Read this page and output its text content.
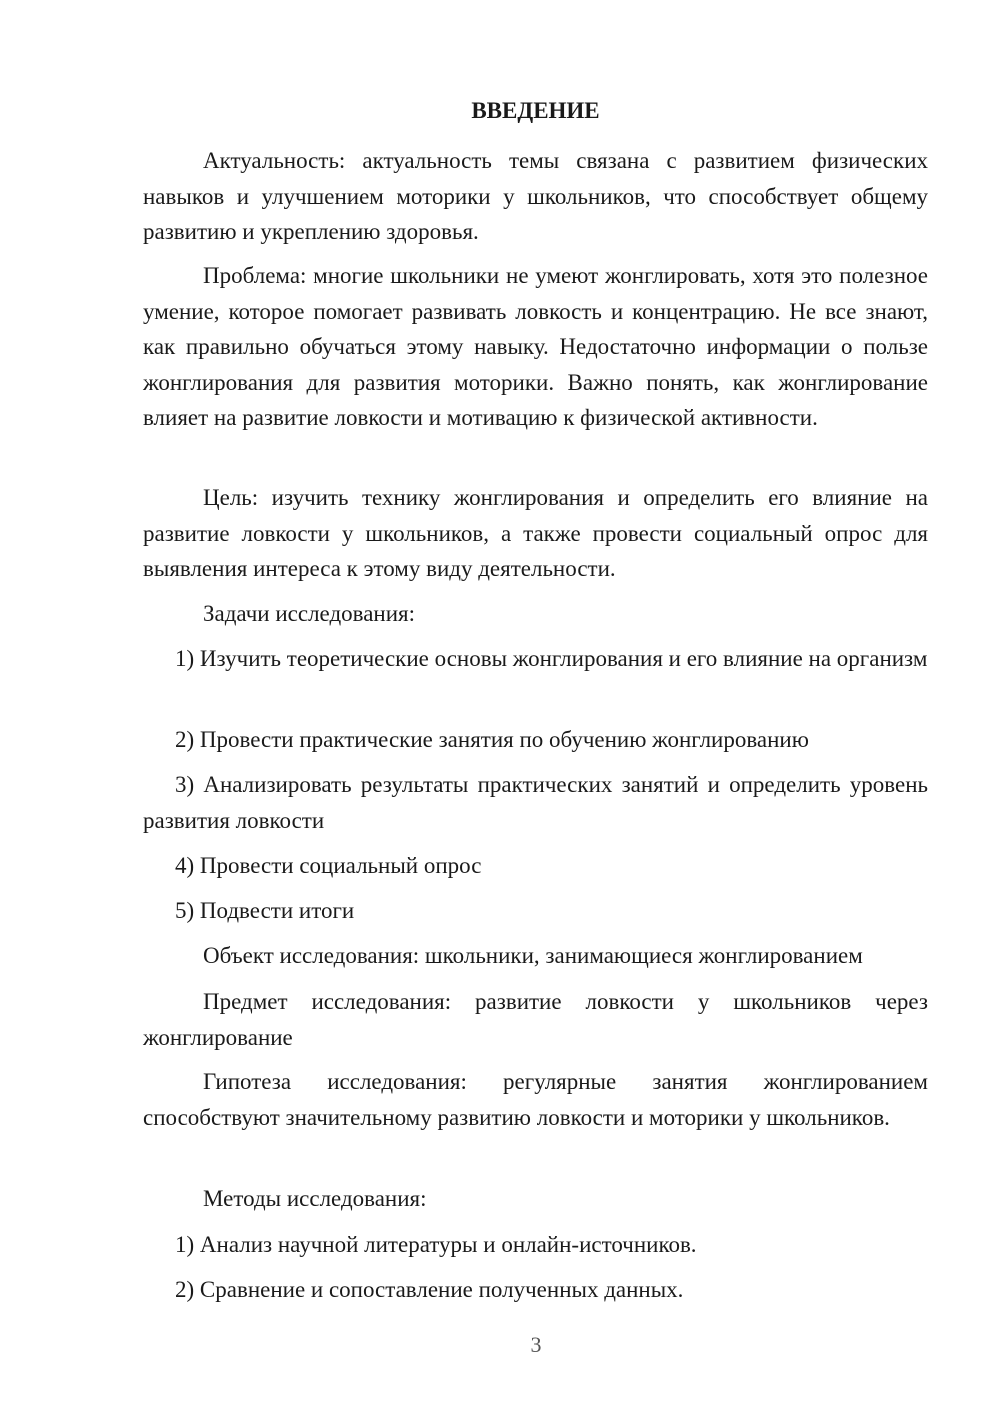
ВВЕДЕНИЕ

Актуальность: актуальность темы связана с развитием физических навыков и улучшением моторики у школьников, что способствует общему развитию и укреплению здоровья.

Проблема: многие школьники не умеют жонглировать, хотя это полезное умение, которое помогает развивать ловкость и концентрацию. Не все знают, как правильно обучаться этому навыку. Недостаточно информации о пользе жонглирования для развития моторики. Важно понять, как жонглирование влияет на развитие ловкости и мотивацию к физической активности.

Цель: изучить технику жонглирования и определить его влияние на развитие ловкости у школьников, а также провести социальный опрос для выявления интереса к этому виду деятельности.

Задачи исследования:

1) Изучить теоретические основы жонглирования и его влияние на организм

2) Провести практические занятия по обучению жонглированию

3) Анализировать результаты практических занятий и определить уровень развития ловкости

4) Провести социальный опрос

5) Подвести итоги

Объект исследования: школьники, занимающиеся жонглированием

Предмет исследования: развитие ловкости у школьников через жонглирование

Гипотеза исследования: регулярные занятия жонглированием способствуют значительному развитию ловкости и моторики у школьников.

Методы исследования:

1) Анализ научной литературы и онлайн-источников.

2) Сравнение и сопоставление полученных данных.

3
